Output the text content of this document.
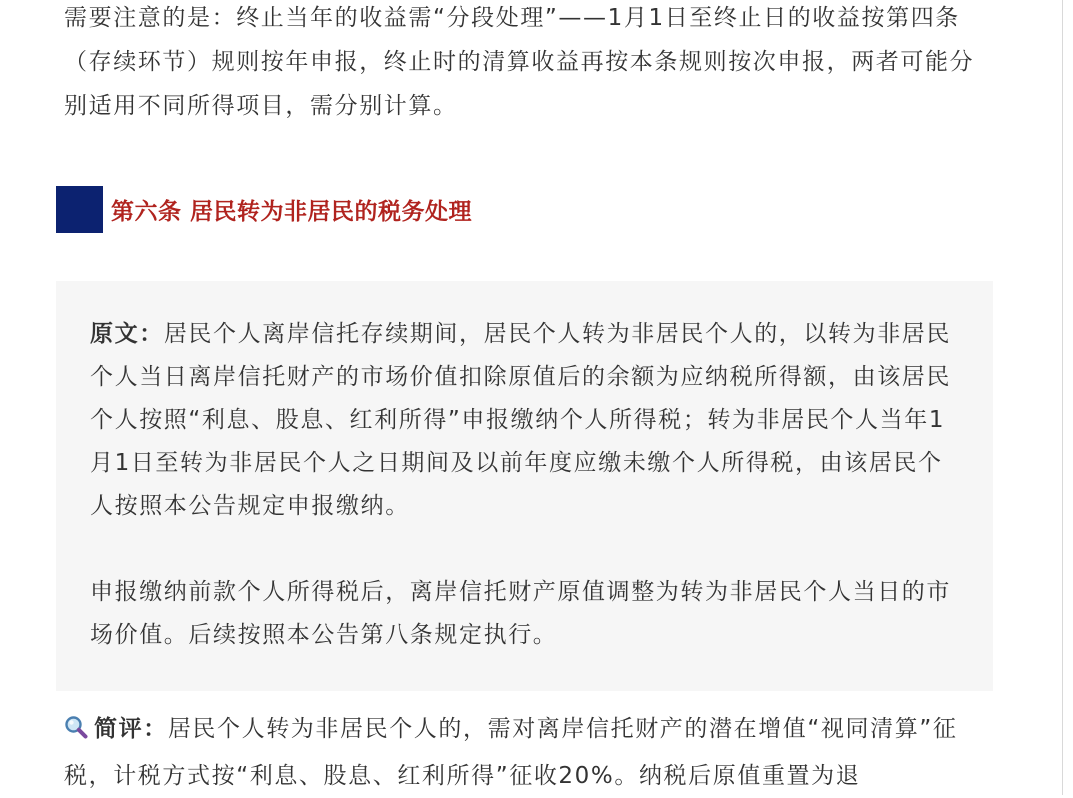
需要注意的是：终止当年的收益需“分段处理”——1月1日至终止日的收益按第四条（存续环节）规则按年申报，终止时的清算收益再按本条规则按次申报，两者可能分别适用不同所得项目，需分别计算。

第六条 居民转为非居民的税务处理

原文：居民个人离岸信托存续期间，居民个人转为非居民个人的，以转为非居民个人当日离岸信托财产的市场价值扣除原值后的余额为应纳税所得额，由该居民个人按照“利息、股息、红利所得”申报缴纳个人所得税；转为非居民个人当年1月1日至转为非居民个人之日期间及以前年度应缴未缴个人所得税，由该居民个人按照本公告规定申报缴纳。

申报缴纳前款个人所得税后，离岸信托财产原值调整为转为非居民个人当日的市场价值。后续按照本公告第八条规定执行。

简评：居民个人转为非居民个人的，需对离岸信托财产的潜在增值“视同清算”征税，计税方式按“利息、股息、红利所得”征收20%。纳税后原值重置为退
